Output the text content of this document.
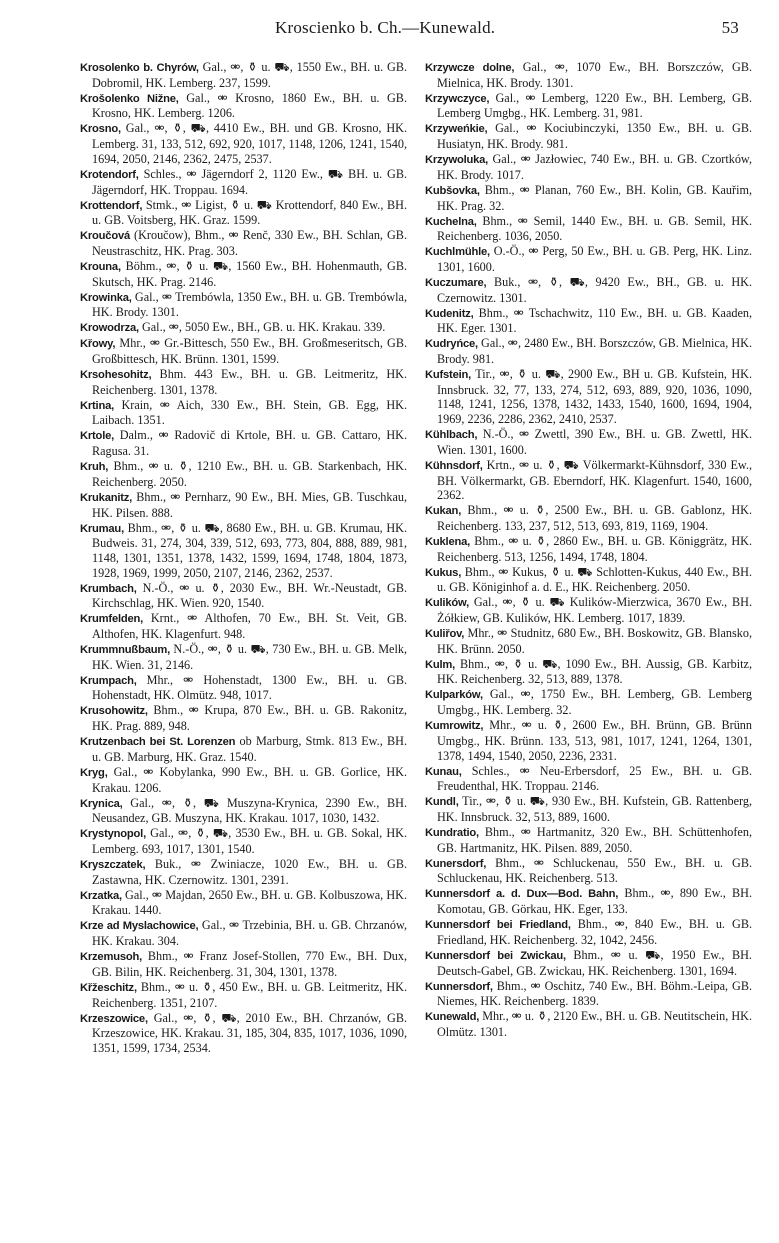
Kroscienko b. Ch.—Kunewald.	53

Krosolenko b. Chyrów, Gal., ⚮, ⚱ u. ⛟, 1550 Ew., BH. u. GB. Dobromil, HK. Lemberg. 237, 1599.

Krošolenko Nižne, Gal., ⚮ Krosno, 1860 Ew., BH. u. GB. Krosno, HK. Lemberg. 1206.

Krosno, Gal., ⚮, ⚱, ⛟, 4410 Ew., BH. und GB. Krosno, HK. Lemberg. 31, 133, 512, 692, 920, 1017, 1148, 1206, 1241, 1540, 1694, 2050, 2146, 2362, 2475, 2537.

Krotendorf, Schles., ⚮ Jägerndorf 2, 1120 Ew., ⛟ BH. u. GB. Jägerndorf, HK. Troppau. 1694.

Krottendorf, Stmk., ⚮ Ligist, ⚱ u. ⛟ Krottendorf, 840 Ew., BH. u. GB. Voitsberg, HK. Graz. 1599.

Kroučová (Kroučow), Bhm., ⚮ Renč, 330 Ew., BH. Schlan, GB. Neustraschitz, HK. Prag. 303.

Krouna, Böhm., ⚮, ⚱ u. ⛟, 1560 Ew., BH. Hohenmauth, GB. Skutsch, HK. Prag. 2146.

Krowinka, Gal., ⚮ Trembówla, 1350 Ew., BH. u. GB. Trembówla, HK. Brody. 1301.

Krowodrza, Gal., ⚮, 5050 Ew., BH., GB. u. HK. Krakau. 339.

Křowy, Mhr., ⚮ Gr.-Bittesch, 550 Ew., BH. Großmeseritsch, GB. Großbittesch, HK. Brünn. 1301, 1599.

Krsohesohitz, Bhm. 443 Ew., BH. u. GB. Leitmeritz, HK. Reichenberg. 1301, 1378.

Krtina, Krain, ⚮ Aich, 330 Ew., BH. Stein, GB. Egg, HK. Laibach. 1351.

Krtole, Dalm., ⚮ Radovič di Krtole, BH. u. GB. Cattaro, HK. Ragusa. 31.

Kruh, Bhm., ⚮ u. ⚱, 1210 Ew., BH. u. GB. Starkenbach, HK. Reichenberg. 2050.

Krukanitz, Bhm., ⚮ Pernharz, 90 Ew., BH. Mies, GB. Tuschkau, HK. Pilsen. 888.

Krumau, Bhm., ⚮, ⚱ u. ⛟, 8680 Ew., BH. u. GB. Krumau, HK. Budweis. 31, 274, 304, 339, 512, 693, 773, 804, 888, 889, 981, 1148, 1301, 1351, 1378, 1432, 1599, 1694, 1748, 1804, 1873, 1928, 1969, 1999, 2050, 2107, 2146, 2362, 2537.

Krumbach, N.-Ö., ⚮ u. ⚱, 2030 Ew., BH. Wr.-Neustadt, GB. Kirchschlag, HK. Wien. 920, 1540.

Krumfelden, Krnt., ⚮ Althofen, 70 Ew., BH. St. Veit, GB. Althofen, HK. Klagenfurt. 948.

Krummnußbaum, N.-Ö., ⚮, ⚱ u. ⛟, 730 Ew., BH. u. GB. Melk, HK. Wien. 31, 2146.

Krumpach, Mhr., ⚮ Hohenstadt, 1300 Ew., BH. u. GB. Hohenstadt, HK. Olmütz. 948, 1017.

Krusohowitz, Bhm., ⚮ Krupa, 870 Ew., BH. u. GB. Rakonitz, HK. Prag. 889, 948.

Krutzenbach bei St. Lorenzen ob Marburg, Stmk. 813 Ew., BH. u. GB. Marburg, HK. Graz. 1540.

Kryg, Gal., ⚮ Kobylanka, 990 Ew., BH. u. GB. Gorlice, HK. Krakau. 1206.

Krynica, Gal., ⚮, ⚱, ⛟ Muszyna-Krynica, 2390 Ew., BH. Neusandez, GB. Muszyna, HK. Krakau. 1017, 1030, 1432.

Krystynopol, Gal., ⚮, ⚱, ⛟, 3530 Ew., BH. u. GB. Sokal, HK. Lemberg. 693, 1017, 1301, 1540.

Kryszczatek, Buk., ⚮ Zwiniacze, 1020 Ew., BH. u. GB. Zastawna, HK. Czernowitz. 1301, 2391.

Krzatka, Gal., ⚮ Majdan, 2650 Ew., BH. u. GB. Kolbuszowa, HK. Krakau. 1440.

Krze ad Myslachowice, Gal., ⚮ Trzebinia, BH. u. GB. Chrzanów, HK. Krakau. 304.

Krzemusoh, Bhm., ⚮ Franz Josef-Stollen, 770 Ew., BH. Dux, GB. Bilin, HK. Reichenberg. 31, 304, 1301, 1378.

Křžeschitz, Bhm., ⚮ u. ⚱, 450 Ew., BH. u. GB. Leitmeritz, HK. Reichenberg. 1351, 2107.

Krzeszowice, Gal., ⚮, ⚱, ⛟, 2010 Ew., BH. Chrzanów, GB. Krzeszowice, HK. Krakau. 31, 185, 304, 835, 1017, 1036, 1090, 1351, 1599, 1734, 2534.

Krzywcze dolne, Gal., ⚮, 1070 Ew., BH. Borszczów, GB. Mielnica, HK. Brody. 1301.

Krzywczyce, Gal., ⚮ Lemberg, 1220 Ew., BH. Lemberg, GB. Lemberg Umgbg., HK. Lemberg. 31, 981.

Krzyweńkie, Gal., ⚮ Kociubinczyki, 1350 Ew., BH. u. GB. Husiatyn, HK. Brody. 981.

Krzywoluka, Gal., ⚮ Jazłowiec, 740 Ew., BH. u. GB. Czortków, HK. Brody. 1017.

Kubšovka, Bhm., ⚮ Planan, 760 Ew., BH. Kolin, GB. Kauřim, HK. Prag. 32.

Kuchelna, Bhm., ⚮ Semil, 1440 Ew., BH. u. GB. Semil, HK. Reichenberg. 1036, 2050.

Kuchlmühle, O.-Ö., ⚮ Perg, 50 Ew., BH. u. GB. Perg, HK. Linz. 1301, 1600.

Kuczumare, Buk., ⚮, ⚱, ⛟, 9420 Ew., BH., GB. u. HK. Czernowitz. 1301.

Kudenitz, Bhm., ⚮ Tschachwitz, 110 Ew., BH. u. GB. Kaaden, HK. Eger. 1301.

Kudryńce, Gal., ⚮, 2480 Ew., BH. Borszczów, GB. Mielnica, HK. Brody. 981.

Kufstein, Tir., ⚮, ⚱ u. ⛟, 2900 Ew., BH u. GB. Kufstein, HK. Innsbruck. 32, 77, 133, 274, 512, 693, 889, 920, 1036, 1090, 1148, 1241, 1256, 1378, 1432, 1433, 1540, 1600, 1694, 1904, 1969, 2236, 2286, 2362, 2410, 2537.

Kühlbach, N.-Ö., ⚮ Zwettl, 390 Ew., BH. u. GB. Zwettl, HK. Wien. 1301, 1600.

Kühnsdorf, Krtn., ⚮ u. ⚱, ⛟ Völkermarkt-Kühnsdorf, 330 Ew., BH. Völkermarkt, GB. Eberndorf, HK. Klagenfurt. 1540, 1600, 2362.

Kukan, Bhm., ⚮ u. ⚱, 2500 Ew., BH. u. GB. Gablonz, HK. Reichenberg. 133, 237, 512, 513, 693, 819, 1169, 1904.

Kuklena, Bhm., ⚮ u. ⚱, 2860 Ew., BH. u. GB. Königgrätz, HK. Reichenberg. 513, 1256, 1494, 1748, 1804.

Kukus, Bhm., ⚮ Kukus, ⚱ u. ⛟ Schlotten-Kukus, 440 Ew., BH. u. GB. Königinhof a. d. E., HK. Reichenberg. 2050.

Kulików, Gal., ⚮, ⚱ u. ⛟ Kulików-Mierzwica, 3670 Ew., BH. Żółkiew, GB. Kulików, HK. Lemberg. 1017, 1839.

Kuliřov, Mhr., ⚮ Studnitz, 680 Ew., BH. Boskowitz, GB. Blansko, HK. Brünn. 2050.

Kulm, Bhm., ⚮, ⚱ u. ⛟, 1090 Ew., BH. Aussig, GB. Karbitz, HK. Reichenberg. 32, 513, 889, 1378.

Kulparków, Gal., ⚮, 1750 Ew., BH. Lemberg, GB. Lemberg Umgbg., HK. Lemberg. 32.

Kumrowitz, Mhr., ⚮ u. ⚱, 2600 Ew., BH. Brünn, GB. Brünn Umgbg., HK. Brünn. 133, 513, 981, 1017, 1241, 1264, 1301, 1378, 1494, 1540, 2050, 2236, 2331.

Kunau, Schles., ⚮ Neu-Erbersdorf, 25 Ew., BH. u. GB. Freudenthal, HK. Troppau. 2146.

Kundl, Tir., ⚮, ⚱ u. ⛟, 930 Ew., BH. Kufstein, GB. Rattenberg, HK. Innsbruck. 32, 513, 889, 1600.

Kundratio, Bhm., ⚮ Hartmanitz, 320 Ew., BH. Schüttenhofen, GB. Hartmanitz, HK. Pilsen. 889, 2050.

Kunersdorf, Bhm., ⚮ Schluckenau, 550 Ew., BH. u. GB. Schluckenau, HK. Reichenberg. 513.

Kunnersdorf a. d. Dux—Bod. Bahn, Bhm., ⚮, 890 Ew., BH. Komotau, GB. Görkau, HK. Eger, 133.

Kunnersdorf bei Friedland, Bhm., ⚮, 840 Ew., BH. u. GB. Friedland, HK. Reichenberg. 32, 1042, 2456.

Kunnersdorf bei Zwickau, Bhm., ⚮ u. ⛟, 1950 Ew., BH. Deutsch-Gabel, GB. Zwickau, HK. Reichenberg. 1301, 1694.

Kunnersdorf, Bhm., ⚮ Oschitz, 740 Ew., BH. Böhm.-Leipa, GB. Niemes, HK. Reichenberg. 1839.

Kunewald, Mhr., ⚮ u. ⚱, 2120 Ew., BH. u. GB. Neutitschein, HK. Olmütz. 1301.
